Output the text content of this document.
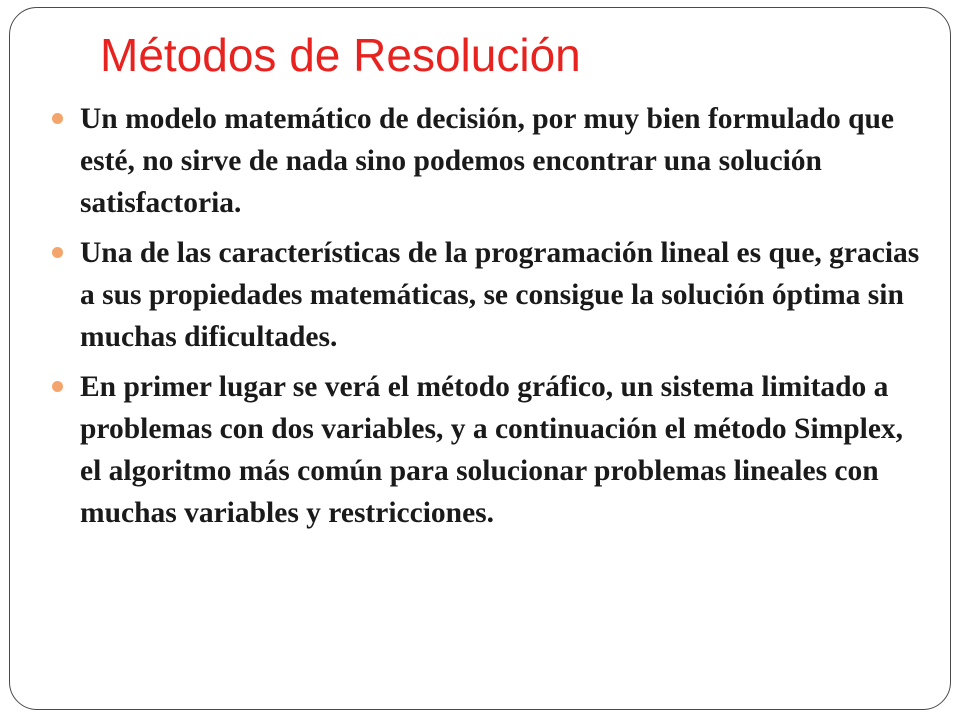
Métodos de Resolución
Un modelo matemático de decisión, por muy bien formulado que esté, no sirve de nada sino podemos encontrar una solución satisfactoria.
Una de las características de la programación lineal es que, gracias a sus propiedades matemáticas, se consigue la solución óptima sin muchas dificultades.
En primer lugar se verá el método gráfico, un sistema limitado a problemas con dos variables, y a continuación el método Simplex, el algoritmo más común para solucionar problemas lineales con muchas variables y restricciones.
